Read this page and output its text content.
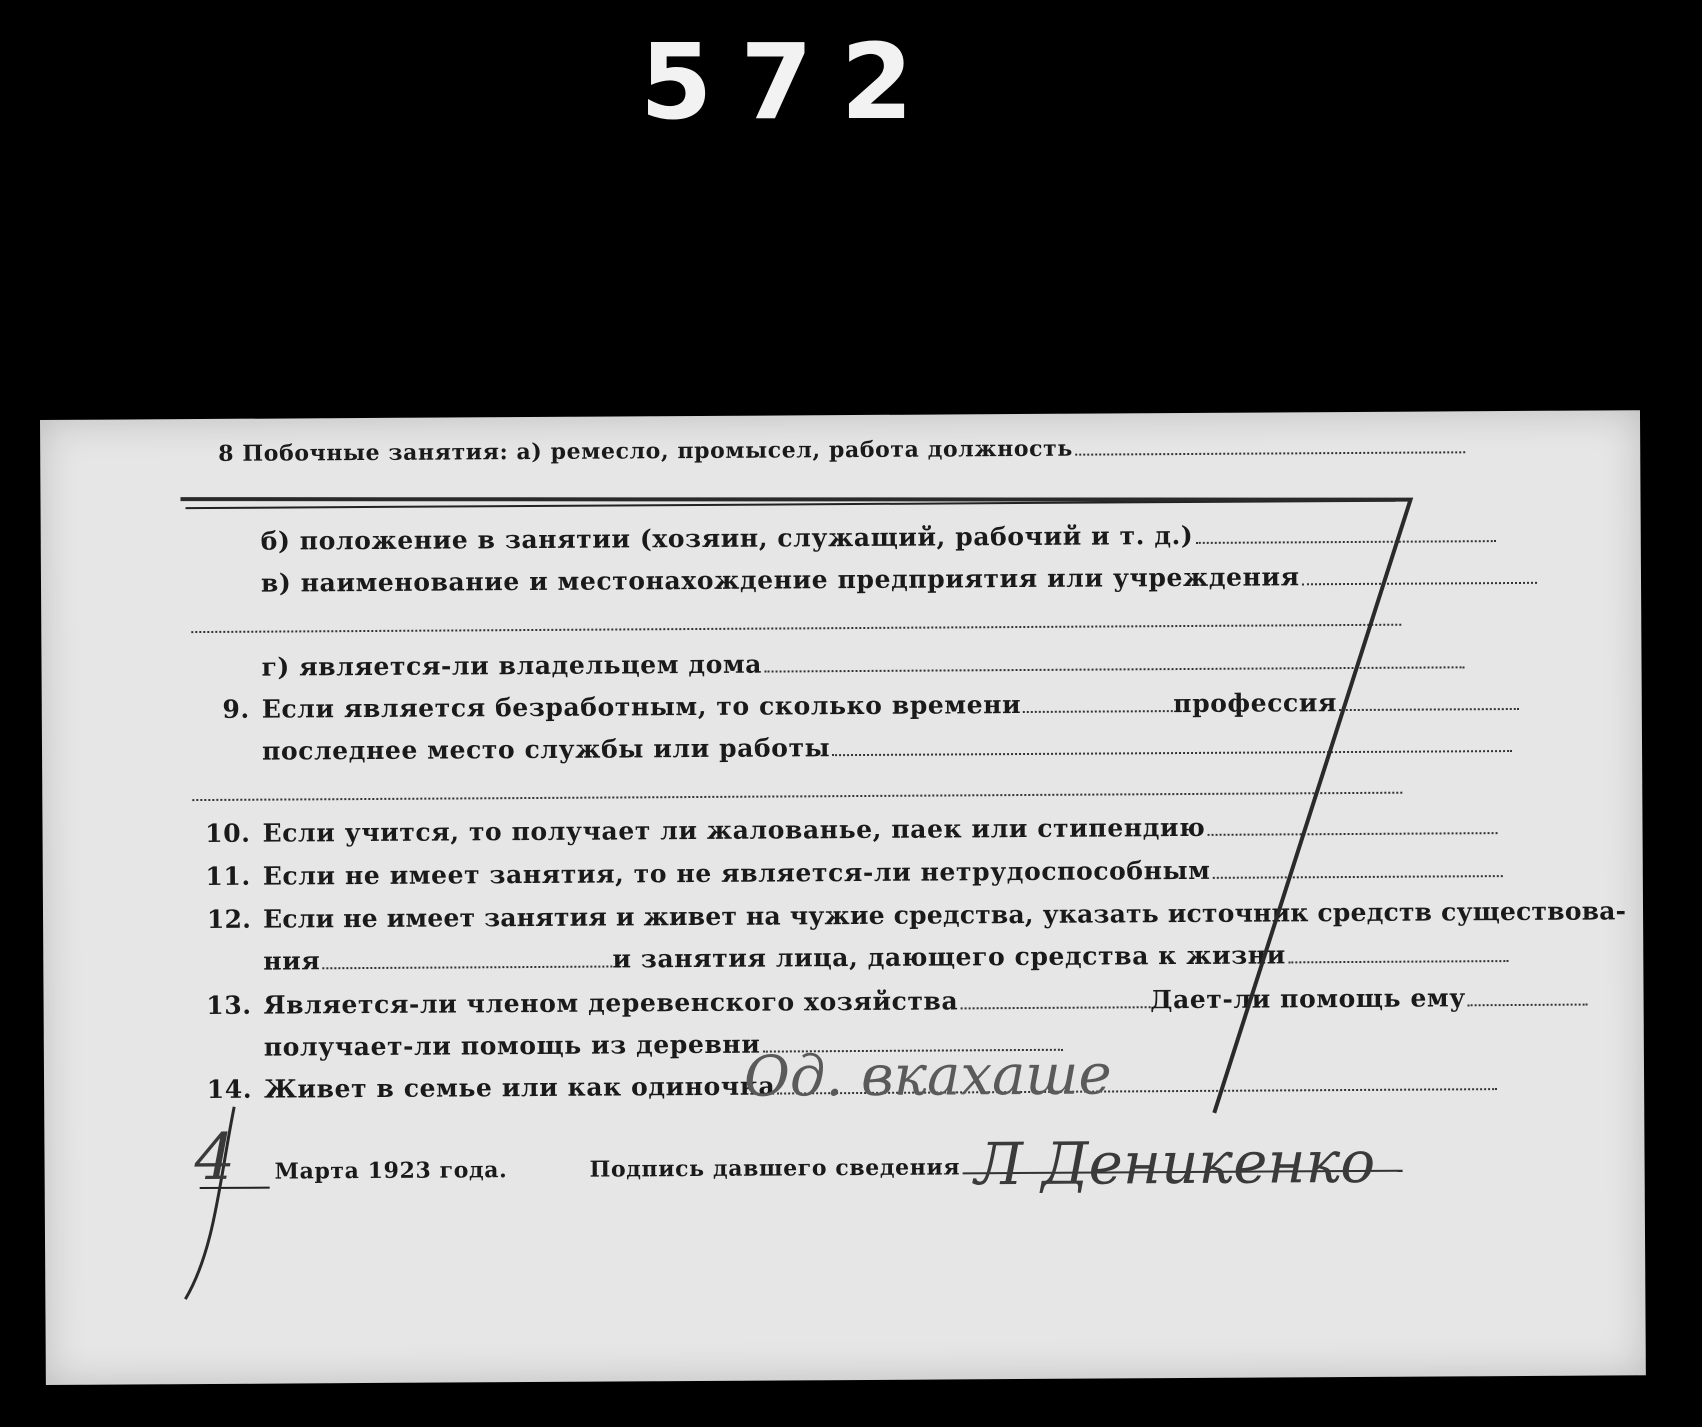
572
8 Побочные занятия: а) ремесло, промысел, работа должность
б) положение в занятии (хозяин, служащий, рабочий и т. д.)
в) наименование и местонахождение предприятия или учреждения
г) является-ли владельцем дома
9. Если является безработным, то сколько времени	профессия
последнее место службы или работы
10. Если учится, то получает ли жалованье, паек или стипендию
11. Если не имеет занятия, то не является-ли нетрудоспособным
12. Если не имеет занятия и живет на чужие средства, указать источник средств существова-
ния	и занятия лица, дающего средства к жизни
13. Является-ли членом деревенского хозяйства	Дает-ли помощь ему
получает-ли помощь из деревни
14. Живет в семье или как одиночка
Марта 1923 года.	Подпись давшего сведения
Од. вкахаше
Л Деникенко
4
